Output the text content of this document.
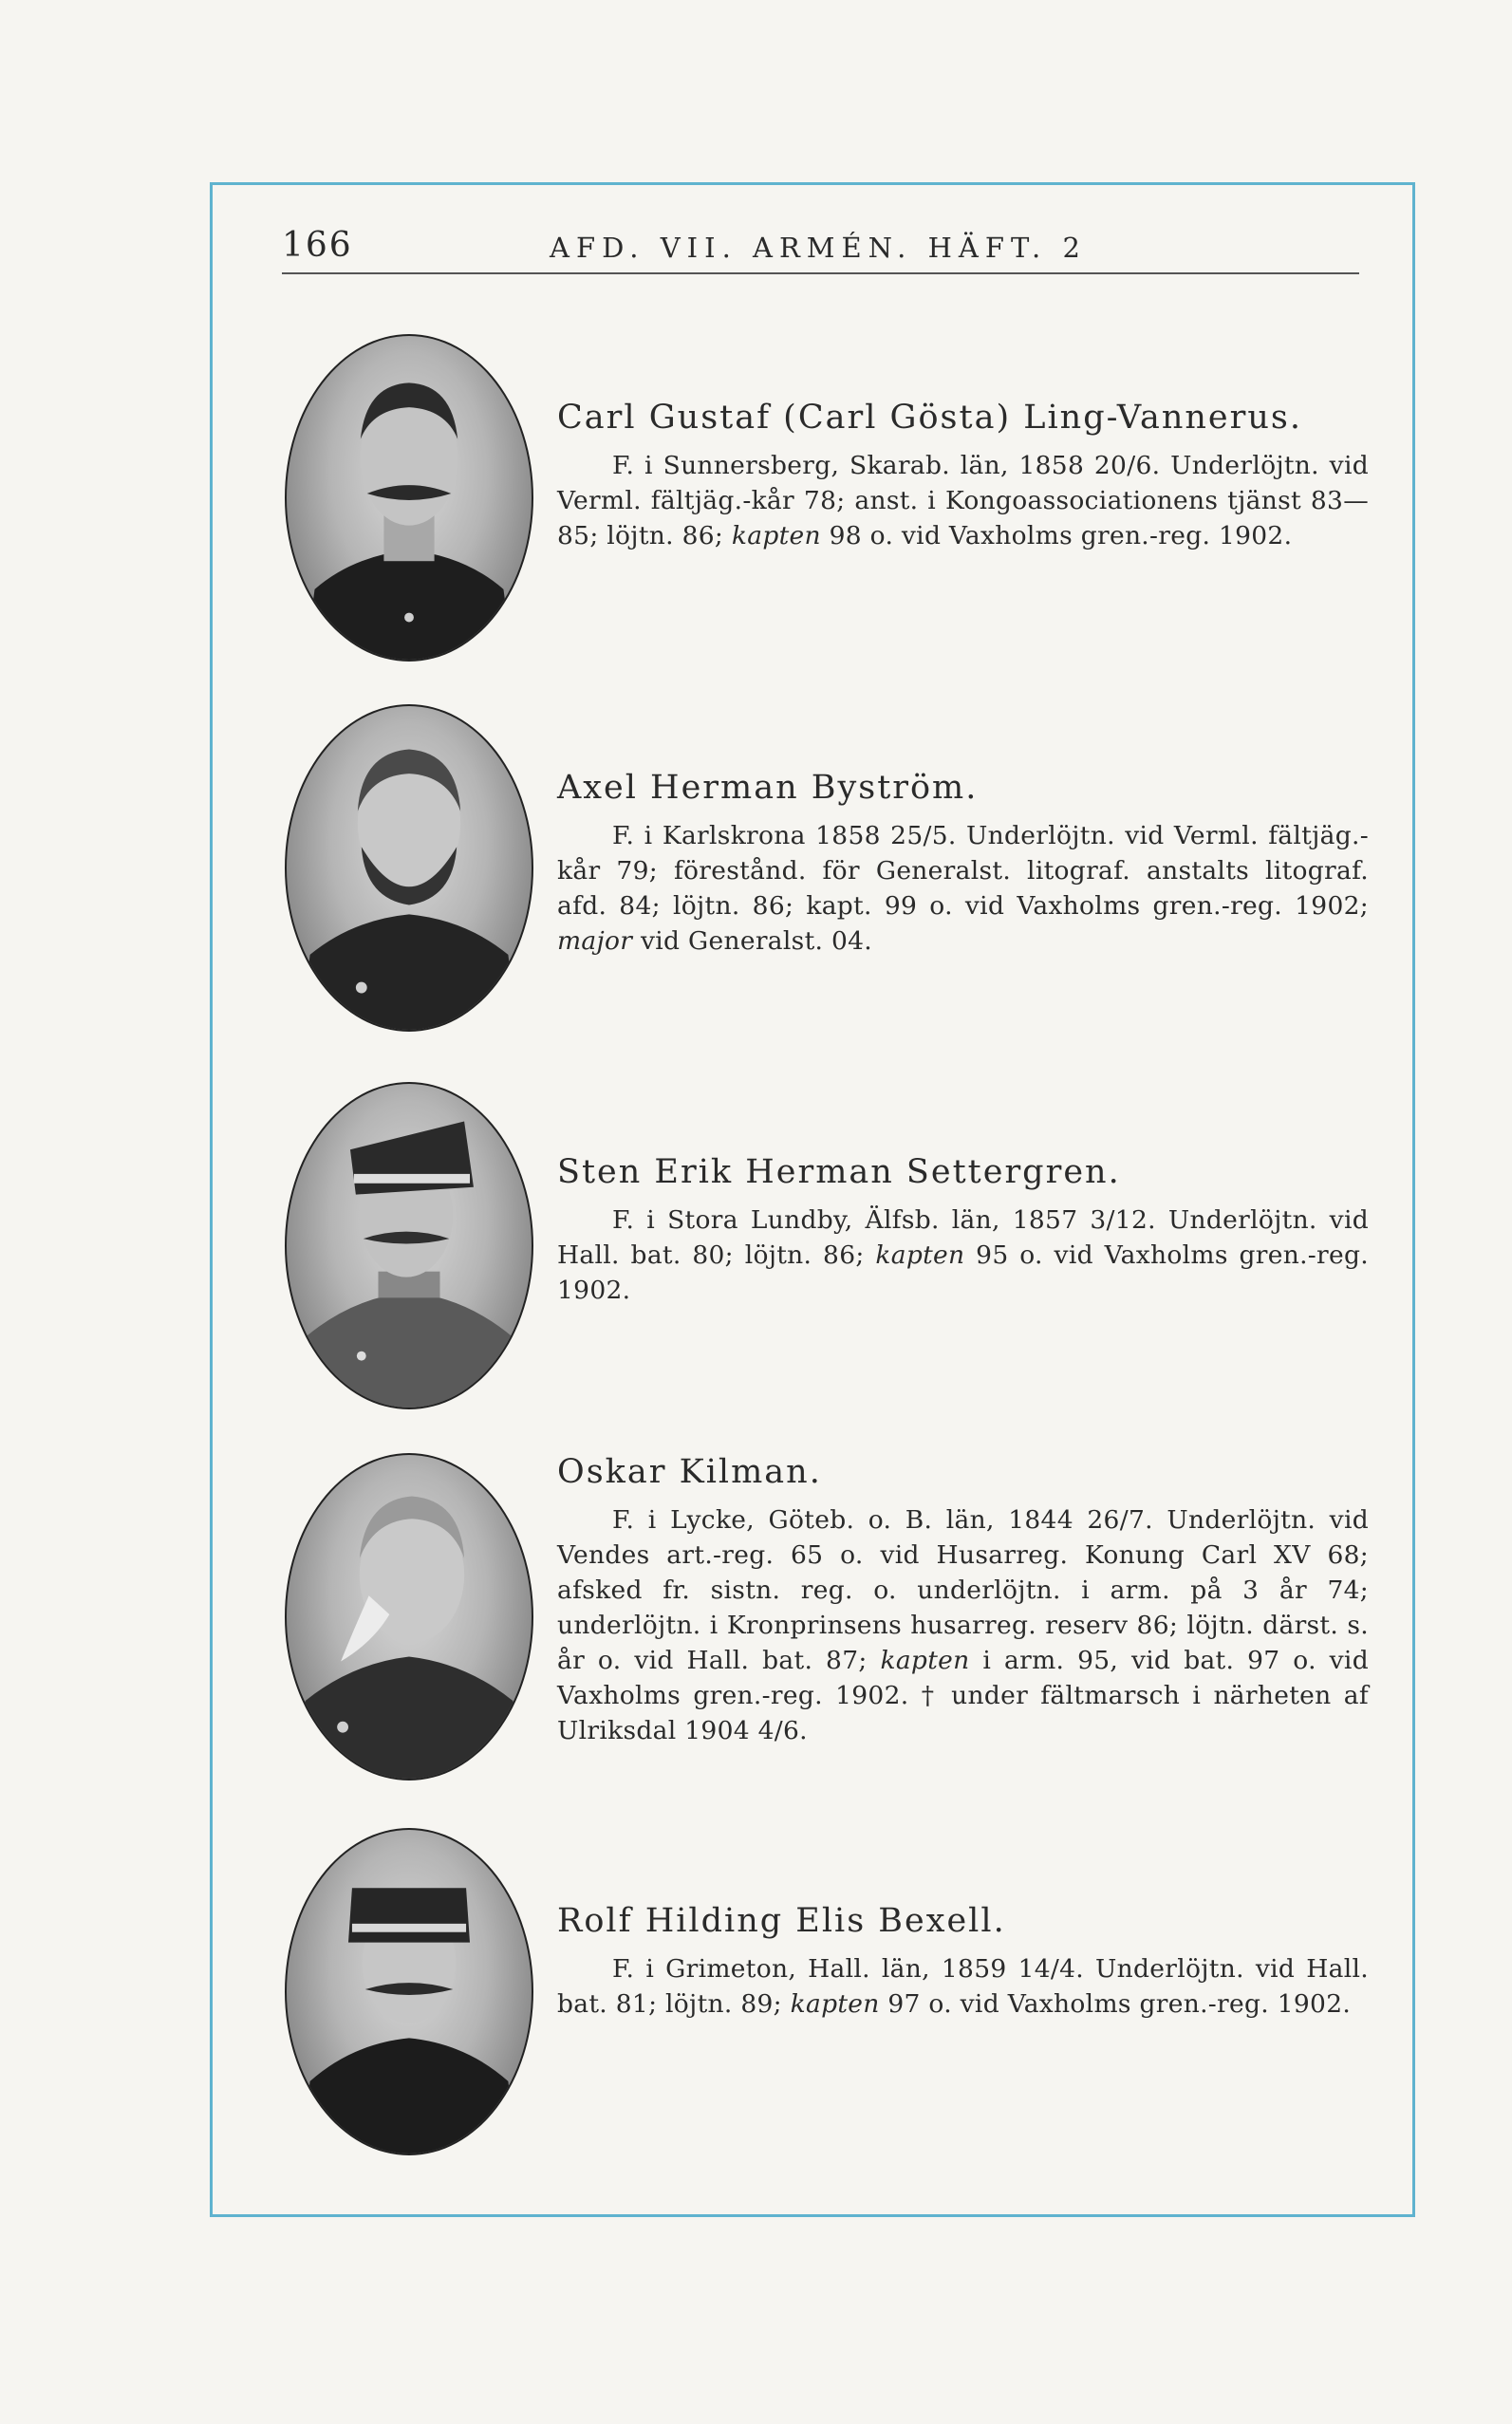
166	AFD. VII. ARMÉN. HÄFT. 2

Carl Gustaf (Carl Gösta) Ling-Vannerus.

F. i Sunnersberg, Skarab. län, 1858 20/6. Underlöjtn. vid Verml. fältjäg.-kår 78; anst. i Kongoassociationens tjänst 83—85; löjtn. 86; kapten 98 o. vid Vaxholms gren.-reg. 1902.

Axel Herman Byström.

F. i Karlskrona 1858 25/5. Underlöjtn. vid Verml. fältjäg.-kår 79; förestånd. för Generalst. litograf. anstalts litograf. afd. 84; löjtn. 86; kapt. 99 o. vid Vaxholms gren.-reg. 1902; major vid Generalst. 04.

Sten Erik Herman Settergren.

F. i Stora Lundby, Älfsb. län, 1857 3/12. Underlöjtn. vid Hall. bat. 80; löjtn. 86; kapten 95 o. vid Vaxholms gren.-reg. 1902.

Oskar Kilman.

F. i Lycke, Göteb. o. B. län, 1844 26/7. Underlöjtn. vid Vendes art.-reg. 65 o. vid Husarreg. Konung Carl XV 68; afsked fr. sistn. reg. o. underlöjtn. i arm. på 3 år 74; underlöjtn. i Kronprinsens husarreg. reserv 86; löjtn. därst. s. år o. vid Hall. bat. 87; kapten i arm. 95, vid bat. 97 o. vid Vaxholms gren.-reg. 1902. † under fältmarsch i närheten af Ulriksdal 1904 4/6.

Rolf Hilding Elis Bexell.

F. i Grimeton, Hall. län, 1859 14/4. Underlöjtn. vid Hall. bat. 81; löjtn. 89; kapten 97 o. vid Vaxholms gren.-reg. 1902.
